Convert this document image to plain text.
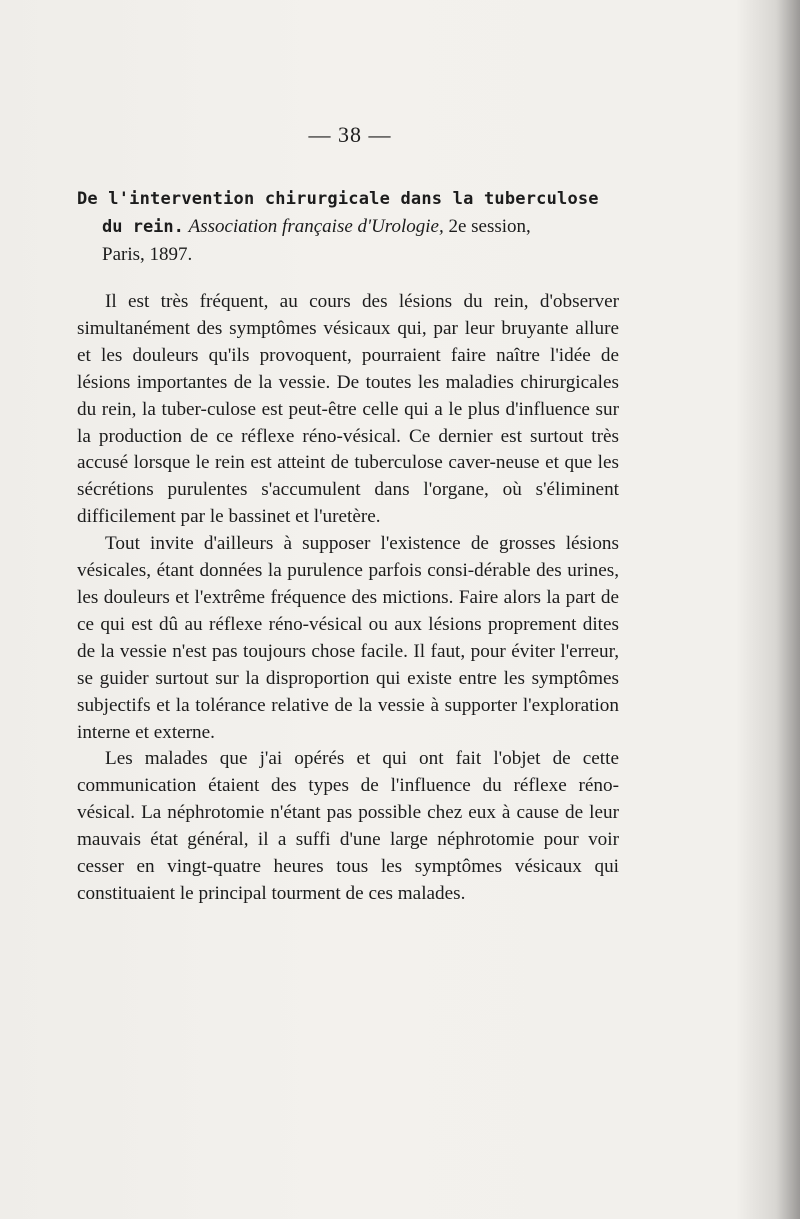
— 38 —
De l'intervention chirurgicale dans la tuberculose
du rein. Association française d'Urologie, 2e session,
Paris, 1897.

Il est très fréquent, au cours des lésions du rein, d'observer simultanément des symptômes vésicaux qui, par leur bruyante allure et les douleurs qu'ils provoquent, pourraient faire naître l'idée de lésions importantes de la vessie. De toutes les maladies chirurgicales du rein, la tuber-culose est peut-être celle qui a le plus d'influence sur la production de ce réflexe réno-vésical. Ce dernier est surtout très accusé lorsque le rein est atteint de tuberculose caver-neuse et que les sécrétions purulentes s'accumulent dans l'organe, où s'éliminent difficilement par le bassinet et l'uretère.

Tout invite d'ailleurs à supposer l'existence de grosses lésions vésicales, étant données la purulence parfois consi-dérable des urines, les douleurs et l'extrême fréquence des mictions. Faire alors la part de ce qui est dû au réflexe réno-vésical ou aux lésions proprement dites de la vessie n'est pas toujours chose facile. Il faut, pour éviter l'erreur, se guider surtout sur la disproportion qui existe entre les symptômes subjectifs et la tolérance relative de la vessie à supporter l'exploration interne et externe.

Les malades que j'ai opérés et qui ont fait l'objet de cette communication étaient des types de l'influence du réflexe réno-vésical. La néphrotomie n'étant pas possible chez eux à cause de leur mauvais état général, il a suffi d'une large néphrotomie pour voir cesser en vingt-quatre heures tous les symptômes vésicaux qui constituaient le principal tourment de ces malades.
